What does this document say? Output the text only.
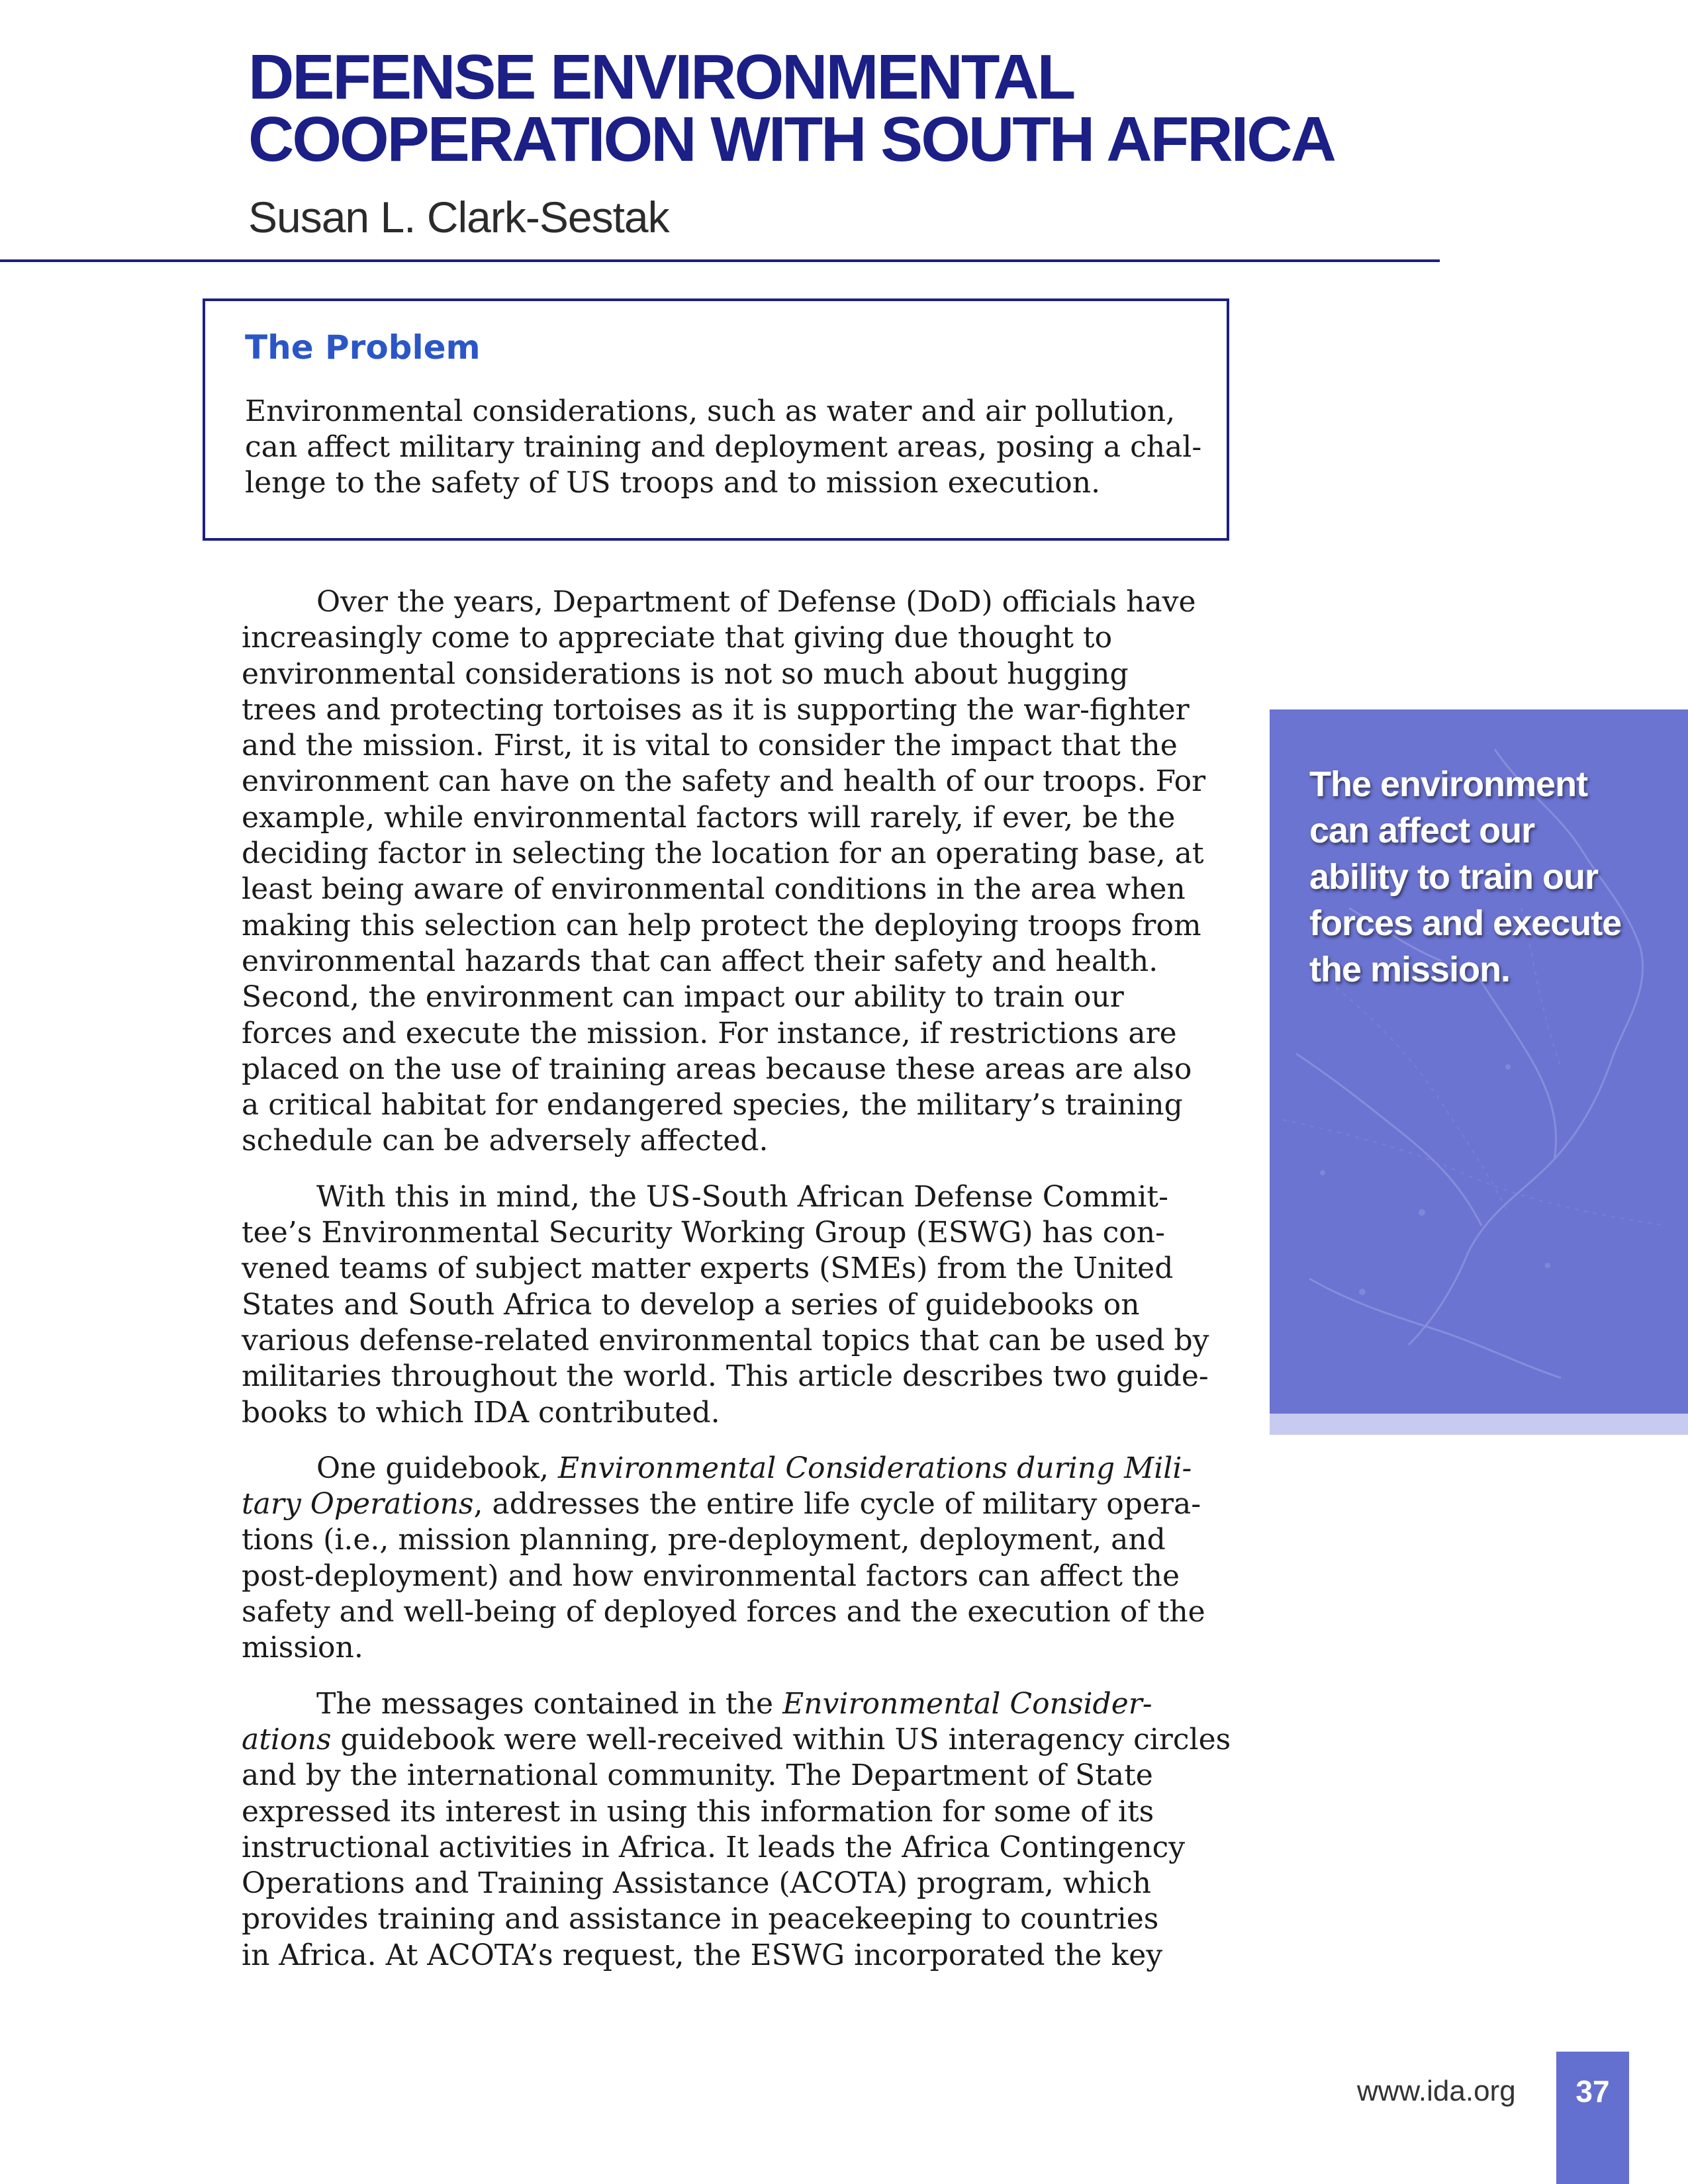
DEFENSE ENVIRONMENTAL
COOPERATION WITH SOUTH AFRICA
Susan L. Clark-Sestak
The Problem

Environmental considerations, such as water and air pollution,
can affect military training and deployment areas, posing a chal-
lenge to the safety of US troops and to mission execution.

Over the years, Department of Defense (DoD) officials have
increasingly come to appreciate that giving due thought to
environmental considerations is not so much about hugging
trees and protecting tortoises as it is supporting the war-fighter
and the mission. First, it is vital to consider the impact that the
environment can have on the safety and health of our troops. For
example, while environmental factors will rarely, if ever, be the
deciding factor in selecting the location for an operating base, at
least being aware of environmental conditions in the area when
making this selection can help protect the deploying troops from
environmental hazards that can affect their safety and health.
Second, the environment can impact our ability to train our
forces and execute the mission. For instance, if restrictions are
placed on the use of training areas because these areas are also
a critical habitat for endangered species, the military’s training
schedule can be adversely affected.

With this in mind, the US-South African Defense Commit-
tee’s Environmental Security Working Group (ESWG) has con-
vened teams of subject matter experts (SMEs) from the United
States and South Africa to develop a series of guidebooks on
various defense-related environmental topics that can be used by
militaries throughout the world. This article describes two guide-
books to which IDA contributed.

One guidebook, Environmental Considerations during Mili-
tary Operations, addresses the entire life cycle of military opera-
tions (i.e., mission planning, pre-deployment, deployment, and
post-deployment) and how environmental factors can affect the
safety and well-being of deployed forces and the execution of the
mission.

The messages contained in the Environmental Consider-
ations guidebook were well-received within US interagency circles
and by the international community. The Department of State
expressed its interest in using this information for some of its
instructional activities in Africa. It leads the Africa Contingency
Operations and Training Assistance (ACOTA) program, which
provides training and assistance in peacekeeping to countries
in Africa. At ACOTA’s request, the ESWG incorporated the key

The environment
can affect our
ability to train our
forces and execute
the mission.

www.ida.org	37
